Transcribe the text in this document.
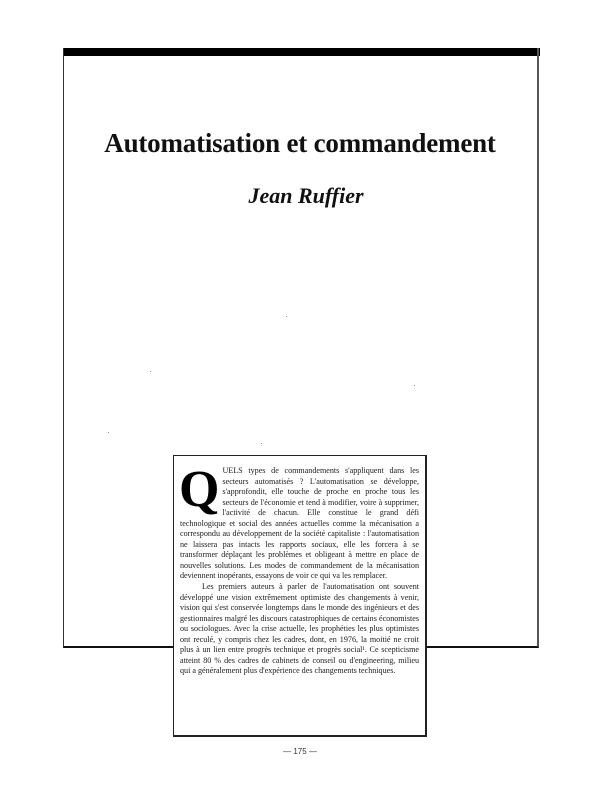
Automatisation et commandement
Jean Ruffier

QUELS types de commandements s'appliquent dans les secteurs automatisés ? L'automatisation se développe, s'approfondit, elle touche de proche en proche tous les secteurs de l'économie et tend à modifier, voire à supprimer, l'activité de chacun. Elle constitue le grand défi technologique et social des années actuelles comme la mécanisation a correspondu au développement de la société capitaliste : l'automatisation ne laissera pas intacts les rapports sociaux, elle les forcera à se transformer déplaçant les problèmes et obligeant à mettre en place de nouvelles solutions. Les modes de commandement de la mécanisation deviennent inopérants, essayons de voir ce qui va les remplacer.

Les premiers auteurs à parler de l'automatisation ont souvent développé une vision extrêmement optimiste des changements à venir, vision qui s'est conservée longtemps dans le monde des ingénieurs et des gestionnaires malgré les discours catastrophiques de certains économistes ou sociologues. Avec la crise actuelle, les prophéties les plus optimistes ont reculé, y compris chez les cadres, dont, en 1976, la moitié ne croit plus à un lien entre progrès technique et progrès social¹. Ce scepticisme atteint 80 % des cadres de cabinets de conseil ou d'engineering, milieu qui a généralement plus d'expérience des changements techniques.

— 175 —
